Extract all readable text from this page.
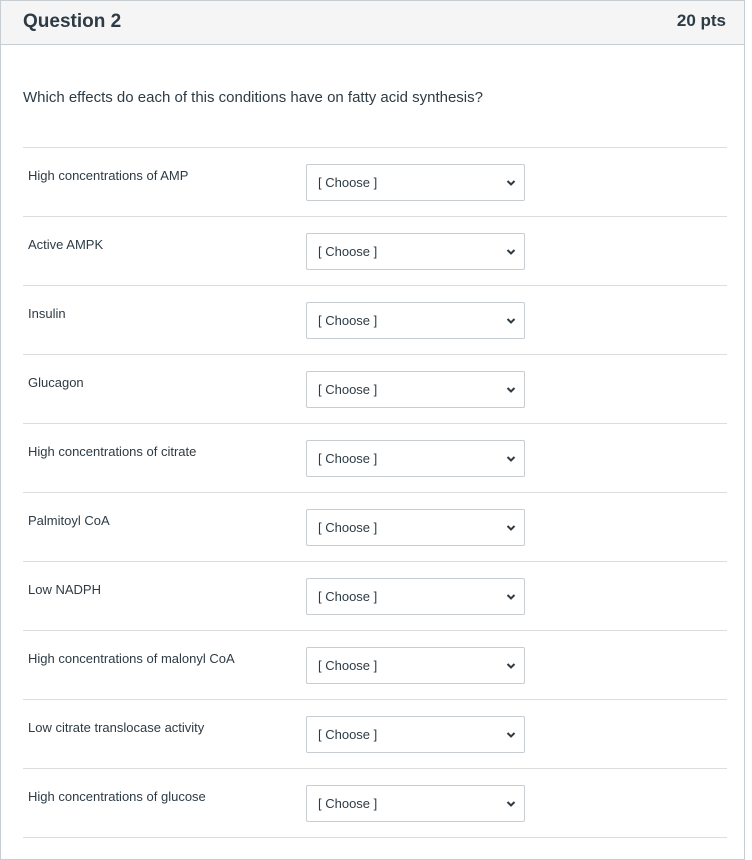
Question 2	20 pts
Which effects do each of this conditions have on fatty acid synthesis?
High concentrations of AMP	[ Choose ]
Active AMPK	[ Choose ]
Insulin	[ Choose ]
Glucagon	[ Choose ]
High concentrations of citrate	[ Choose ]
Palmitoyl CoA	[ Choose ]
Low NADPH	[ Choose ]
High concentrations of malonyl CoA	[ Choose ]
Low citrate translocase activity	[ Choose ]
High concentrations of glucose	[ Choose ]
